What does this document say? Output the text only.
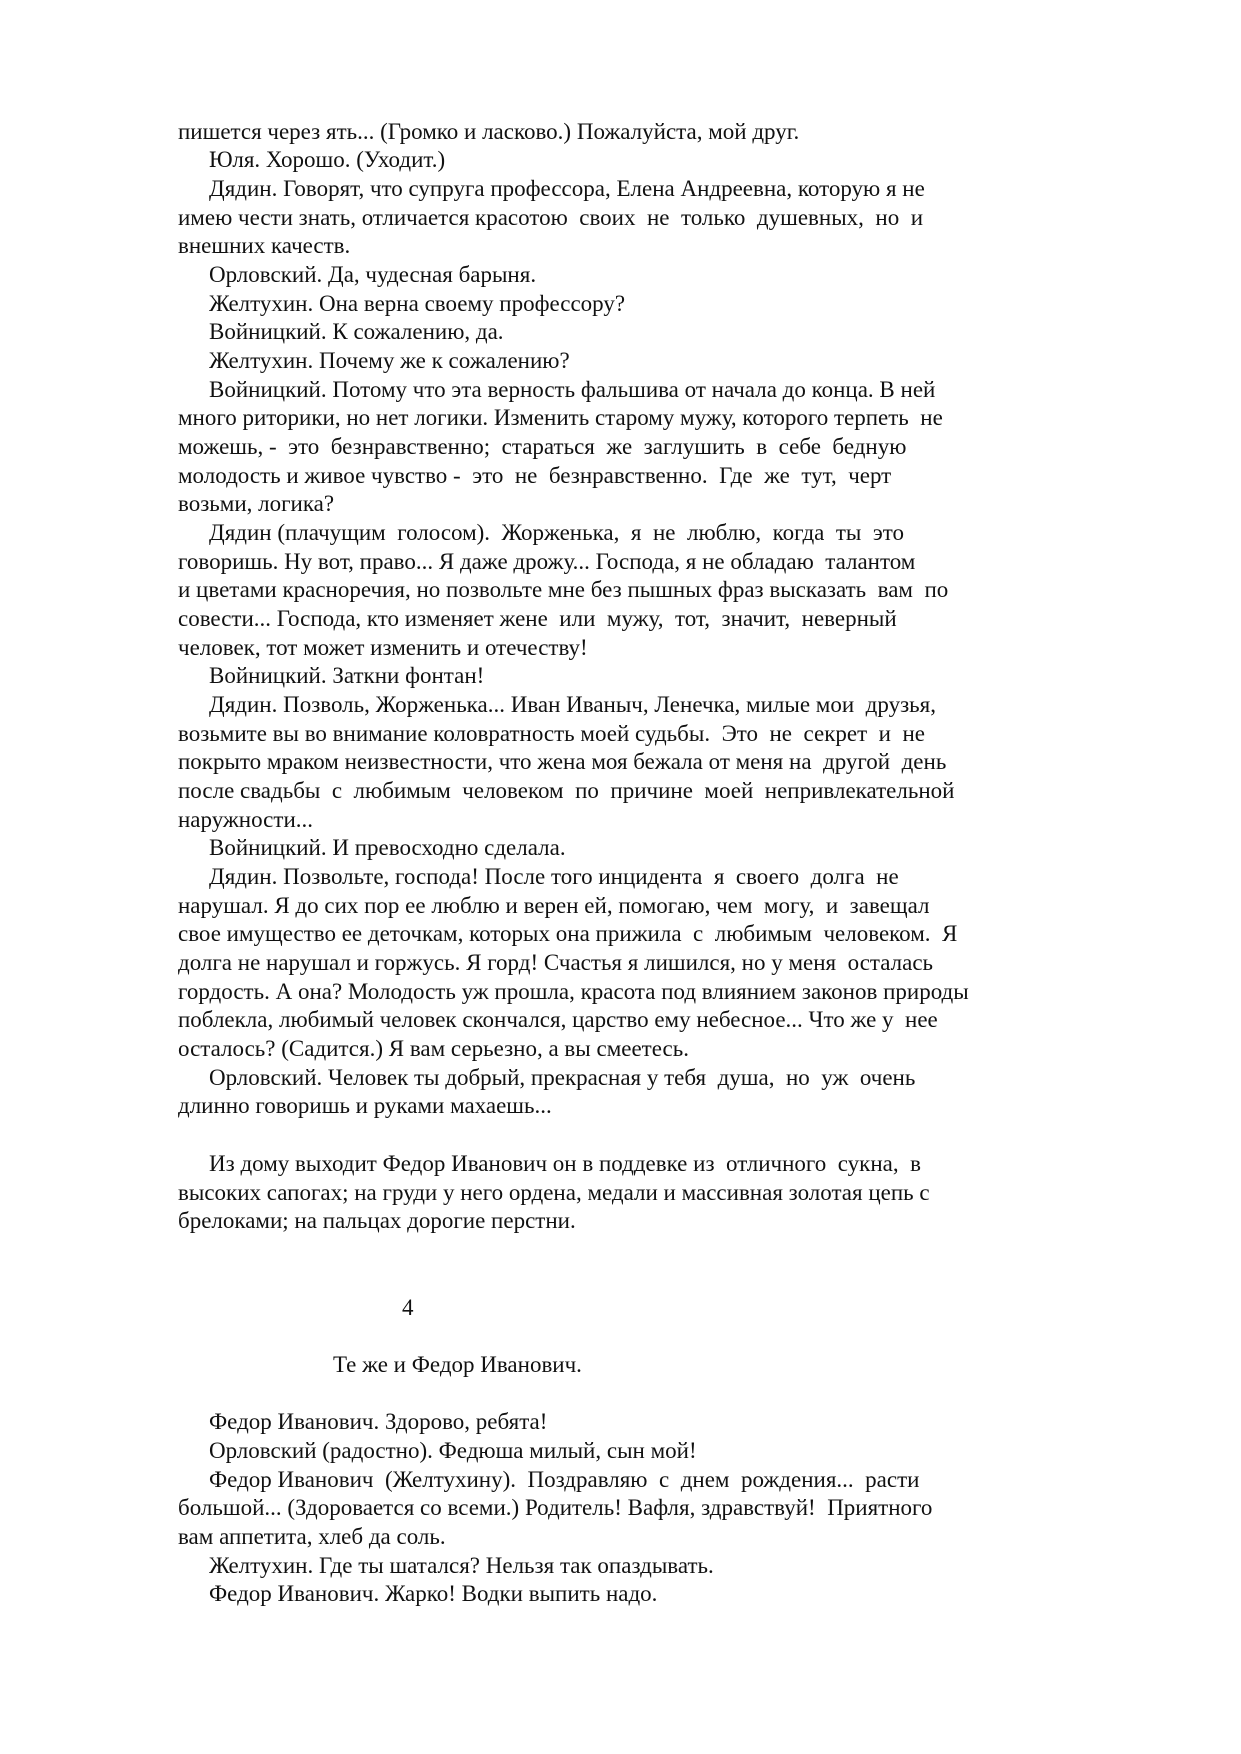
пишется через ять... (Громко и ласково.) Пожалуйста, мой друг.

Юля. Хорошо. (Уходит.)

Дядин. Говорят, что супруга профессора, Елена Андреевна, которую я не

имею чести знать, отличается красотою  своих  не  только  душевных,  но  и

внешних качеств.

Орловский. Да, чудесная барыня.

Желтухин. Она верна своему профессору?

Войницкий. К сожалению, да.

Желтухин. Почему же к сожалению?

Войницкий. Потому что эта верность фальшива от начала до конца. В ней

много риторики, но нет логики. Изменить старому мужу, которого терпеть  не

можешь, -  это  безнравственно;  стараться  же  заглушить  в  себе  бедную

молодость и живое чувство -  это  не  безнравственно.  Где  же  тут,  черт

возьми, логика?

Дядин (плачущим  голосом).  Жорженька,  я  не  люблю,  когда  ты  это

говоришь. Ну вот, право... Я даже дрожу... Господа, я не обладаю  талантом

и цветами красноречия, но позвольте мне без пышных фраз высказать  вам  по

совести... Господа, кто изменяет жене  или  мужу,  тот,  значит,  неверный

человек, тот может изменить и отечеству!

Войницкий. Заткни фонтан!

Дядин. Позволь, Жорженька... Иван Иваныч, Ленечка, милые мои  друзья,

возьмите вы во внимание коловратность моей судьбы.  Это  не  секрет  и  не

покрыто мраком неизвестности, что жена моя бежала от меня на  другой  день

после свадьбы  с  любимым  человеком  по  причине  моей  непривлекательной

наружности...

Войницкий. И превосходно сделала.

Дядин. Позвольте, господа! После того инцидента  я  своего  долга  не

нарушал. Я до сих пор ее люблю и верен ей, помогаю, чем  могу,  и  завещал

свое имущество ее деточкам, которых она прижила  с  любимым  человеком.  Я

долга не нарушал и горжусь. Я горд! Счастья я лишился, но у меня  осталась

гордость. А она? Молодость уж прошла, красота под влиянием законов природы

поблекла, любимый человек скончался, царство ему небесное... Что же у  нее

осталось? (Садится.) Я вам серьезно, а вы смеетесь.

Орловский. Человек ты добрый, прекрасная у тебя  душа,  но  уж  очень

длинно говоришь и руками махаешь...

Из дому выходит Федор Иванович он в поддевке из  отличного  сукна,  в

высоких сапогах; на груди у него ордена, медали и массивная золотая цепь с

брелоками; на пальцах дорогие перстни.

4

Те же и Федор Иванович.

Федор Иванович. Здорово, ребята!

Орловский (радостно). Федюша милый, сын мой!

Федор Иванович  (Желтухину).  Поздравляю  с  днем  рождения...  расти

большой... (Здоровается со всеми.) Родитель! Вафля, здравствуй!  Приятного

вам аппетита, хлеб да соль.

Желтухин. Где ты шатался? Нельзя так опаздывать.

Федор Иванович. Жарко! Водки выпить надо.
